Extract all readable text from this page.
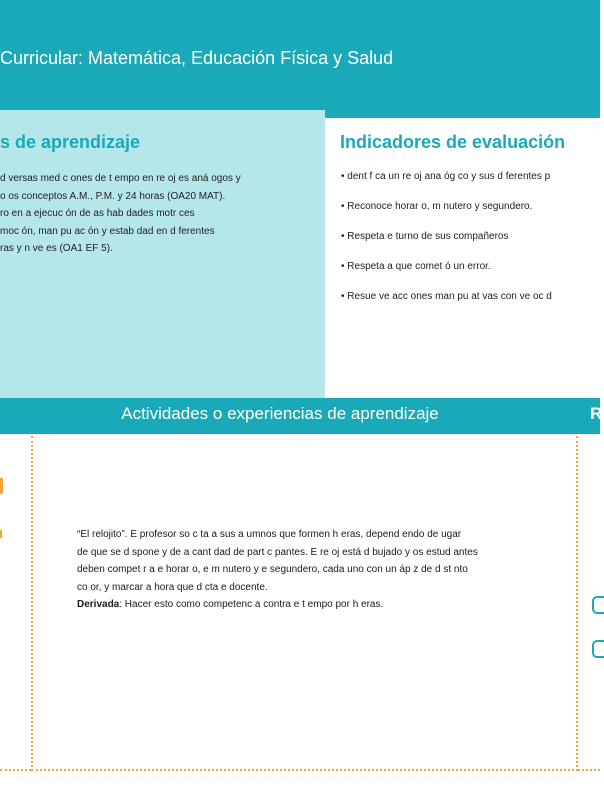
Curricular: Matemática, Educación Física y Salud
s de aprendizaje
d versas med c ones de t empo en re oj es aná ogos y
o os conceptos A.M., P.M. y 24 horas (OA20 MAT).
ro en a ejecuc ón de as hab dades motr ces
moc ón, man pu ac ón y estab dad en d ferentes
ras y n ve es (OA1 EF 5).
Indicadores de evaluación
• dent f ca un re oj ana óg co y sus d ferentes p
• Reconoce horar o, m nutero y segundero.
• Respeta e turno de sus compañeros
• Respeta a que comet ó un error.
• Resue ve acc ones man pu at vas con ve oc d
Actividades o experiencias de aprendizaje	R
“El relojito”. E profesor so c ta a sus a umnos que formen h eras, depend endo de ugar
de que se d spone y de a cant dad de part c pantes. E re oj está d bujado y os estud antes
deben compet r a e horar o, e m nutero y e segundero, cada uno con un áp z de d st nto
co or, y marcar a hora que d cta e docente.
Derivada: Hacer esto como competenc a contra e t empo por h eras.
